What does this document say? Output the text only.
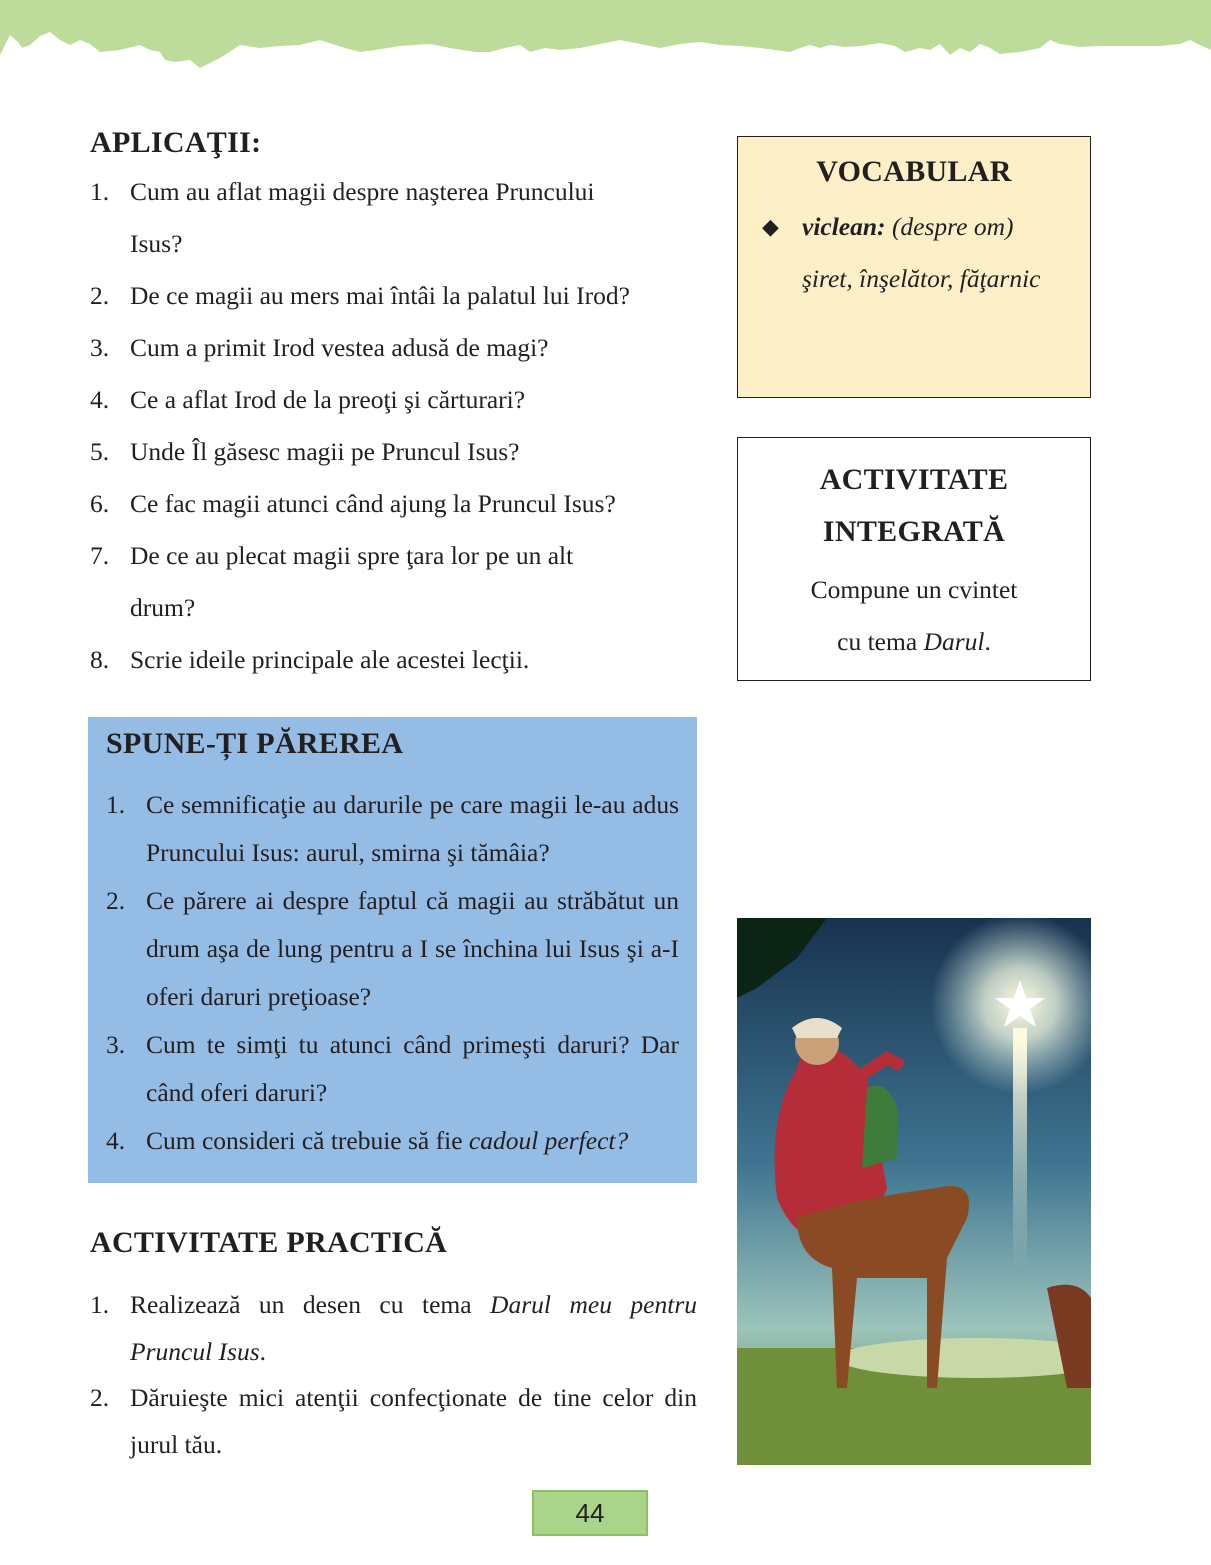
APLICAŢII:
1. Cum au aflat magii despre naşterea Pruncului Isus?
2. De ce magii au mers mai întâi la palatul lui Irod?
3. Cum a primit Irod vestea adusă de magi?
4. Ce a aflat Irod de la preoţi şi cărturari?
5. Unde Îl găsesc magii pe Pruncul Isus?
6. Ce fac magii atunci când ajung la Pruncul Isus?
7. De ce au plecat magii spre ţara lor pe un alt drum?
8. Scrie ideile principale ale acestei lecţii.
SPUNE-ȚI PĂREREA
1. Ce semnificaţie au darurile pe care magii le-au adus Pruncului Isus: aurul, smirna şi tămâia?
2. Ce părere ai despre faptul că magii au străbătut un drum aşa de lung pentru a I se închina lui Isus şi a-I oferi daruri preţioase?
3. Cum te simţi tu atunci când primeşti daruri? Dar când oferi daruri?
4. Cum consideri că trebuie să fie cadoul perfect?
ACTIVITATE PRACTICĂ
1. Realizează un desen cu tema Darul meu pentru Pruncul Isus.
2. Dăruieşte mici atenţii confecţionate de tine celor din jurul tău.
VOCABULAR
◆ viclean: (despre om) şiret, înşelător, făţarnic
ACTIVITATE
INTEGRATĂ
Compune un cvintet
cu tema Darul.
44
